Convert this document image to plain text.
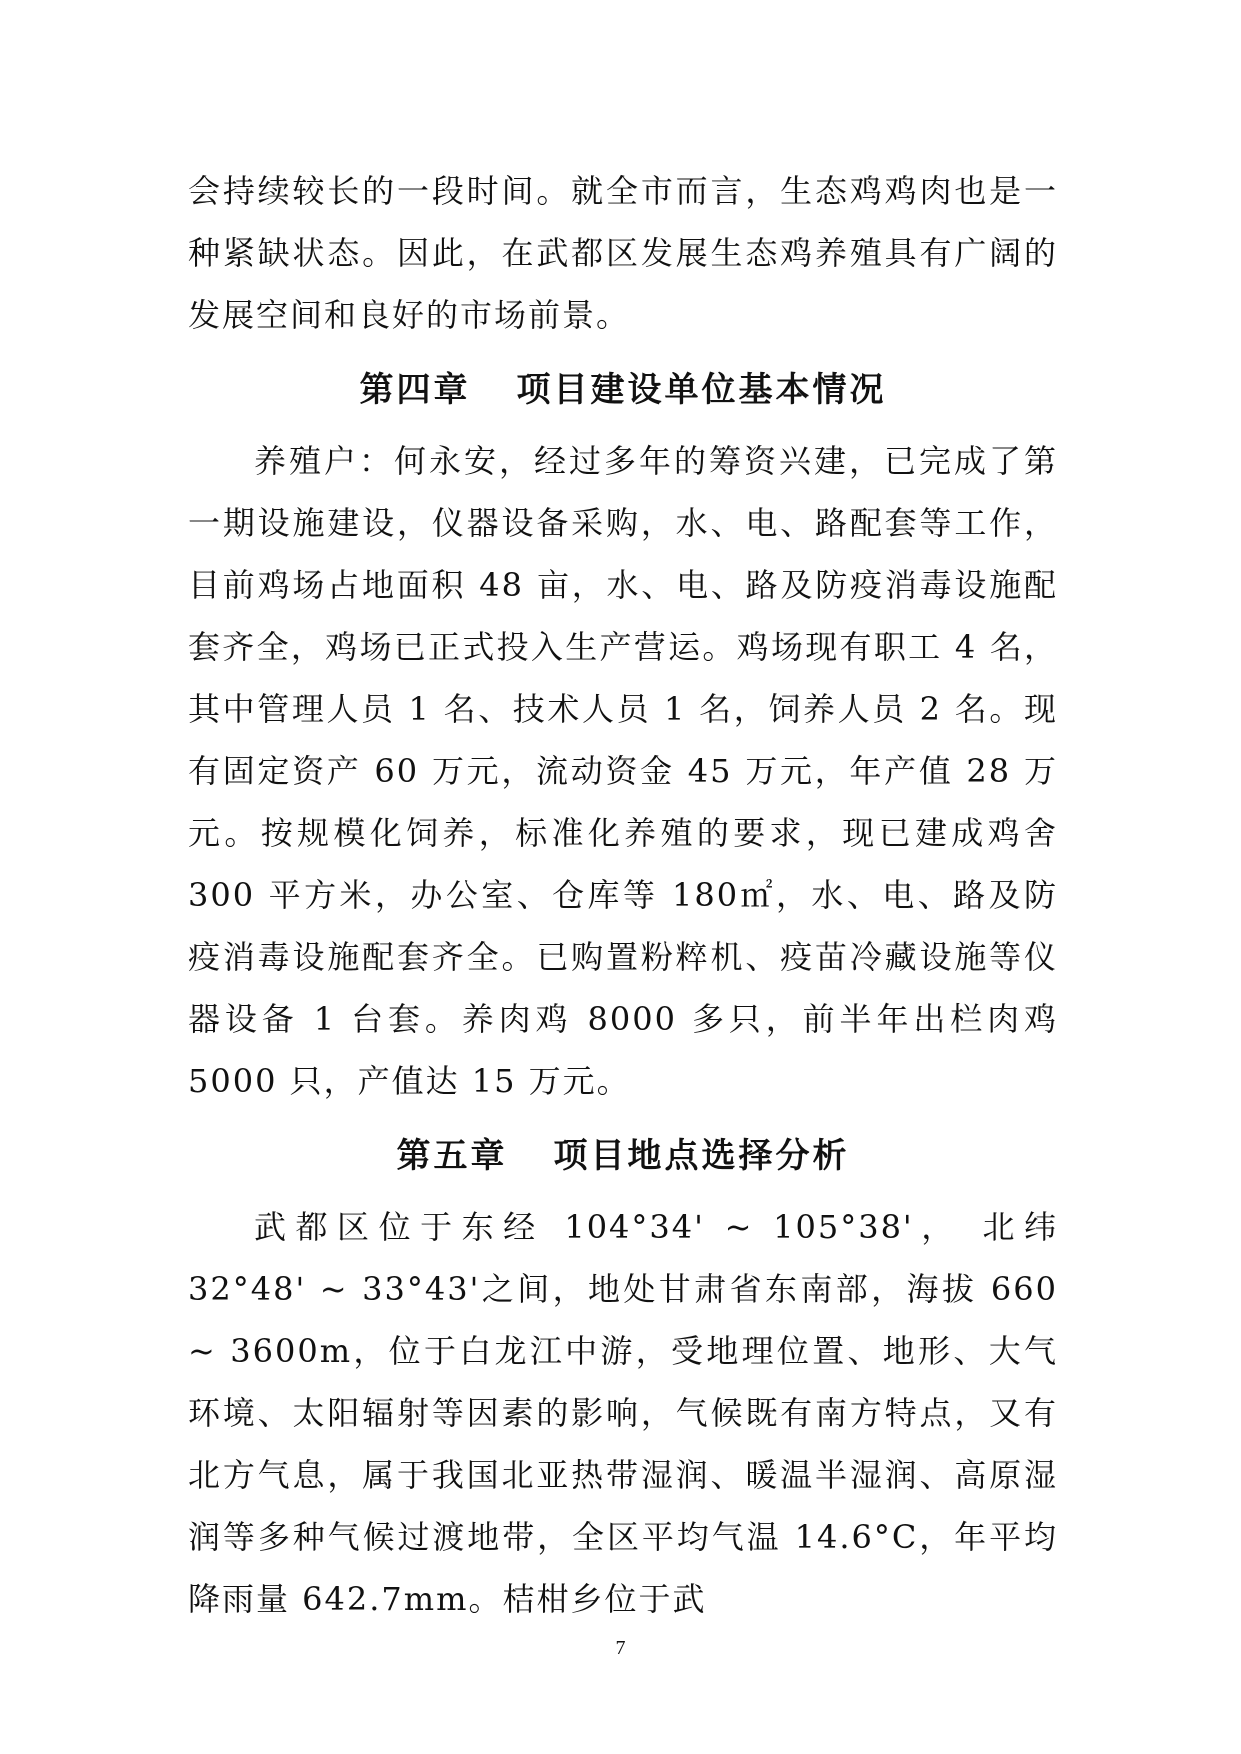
会持续较长的一段时间。就全市而言，生态鸡鸡肉也是一种紧缺状态。因此，在武都区发展生态鸡养殖具有广阔的发展空间和良好的市场前景。

第四章 项目建设单位基本情况

养殖户：何永安，经过多年的筹资兴建，已完成了第一期设施建设，仪器设备采购，水、电、路配套等工作，目前鸡场占地面积 48 亩，水、电、路及防疫消毒设施配套齐全，鸡场已正式投入生产营运。鸡场现有职工 4 名，其中管理人员 1 名、技术人员 1 名，饲养人员 2 名。现有固定资产 60 万元，流动资金 45 万元，年产值 28 万元。按规模化饲养，标准化养殖的要求，现已建成鸡舍 300 平方米，办公室、仓库等 180㎡，水、电、路及防疫消毒设施配套齐全。已购置粉粹机、疫苗冷藏设施等仪器设备 1 台套。养肉鸡 8000 多只，前半年出栏肉鸡 5000 只，产值达 15 万元。

第五章 项目地点选择分析

武都区位于东经 104°34' ~ 105°38'， 北纬 32°48' ~ 33°43'之间，地处甘肃省东南部，海拔 660 ~ 3600m，位于白龙江中游，受地理位置、地形、大气环境、太阳辐射等因素的影响，气候既有南方特点，又有北方气息，属于我国北亚热带湿润、暖温半湿润、高原湿润等多种气候过渡地带，全区平均气温 14.6°C，年平均降雨量 642.7mm。桔柑乡位于武

7
